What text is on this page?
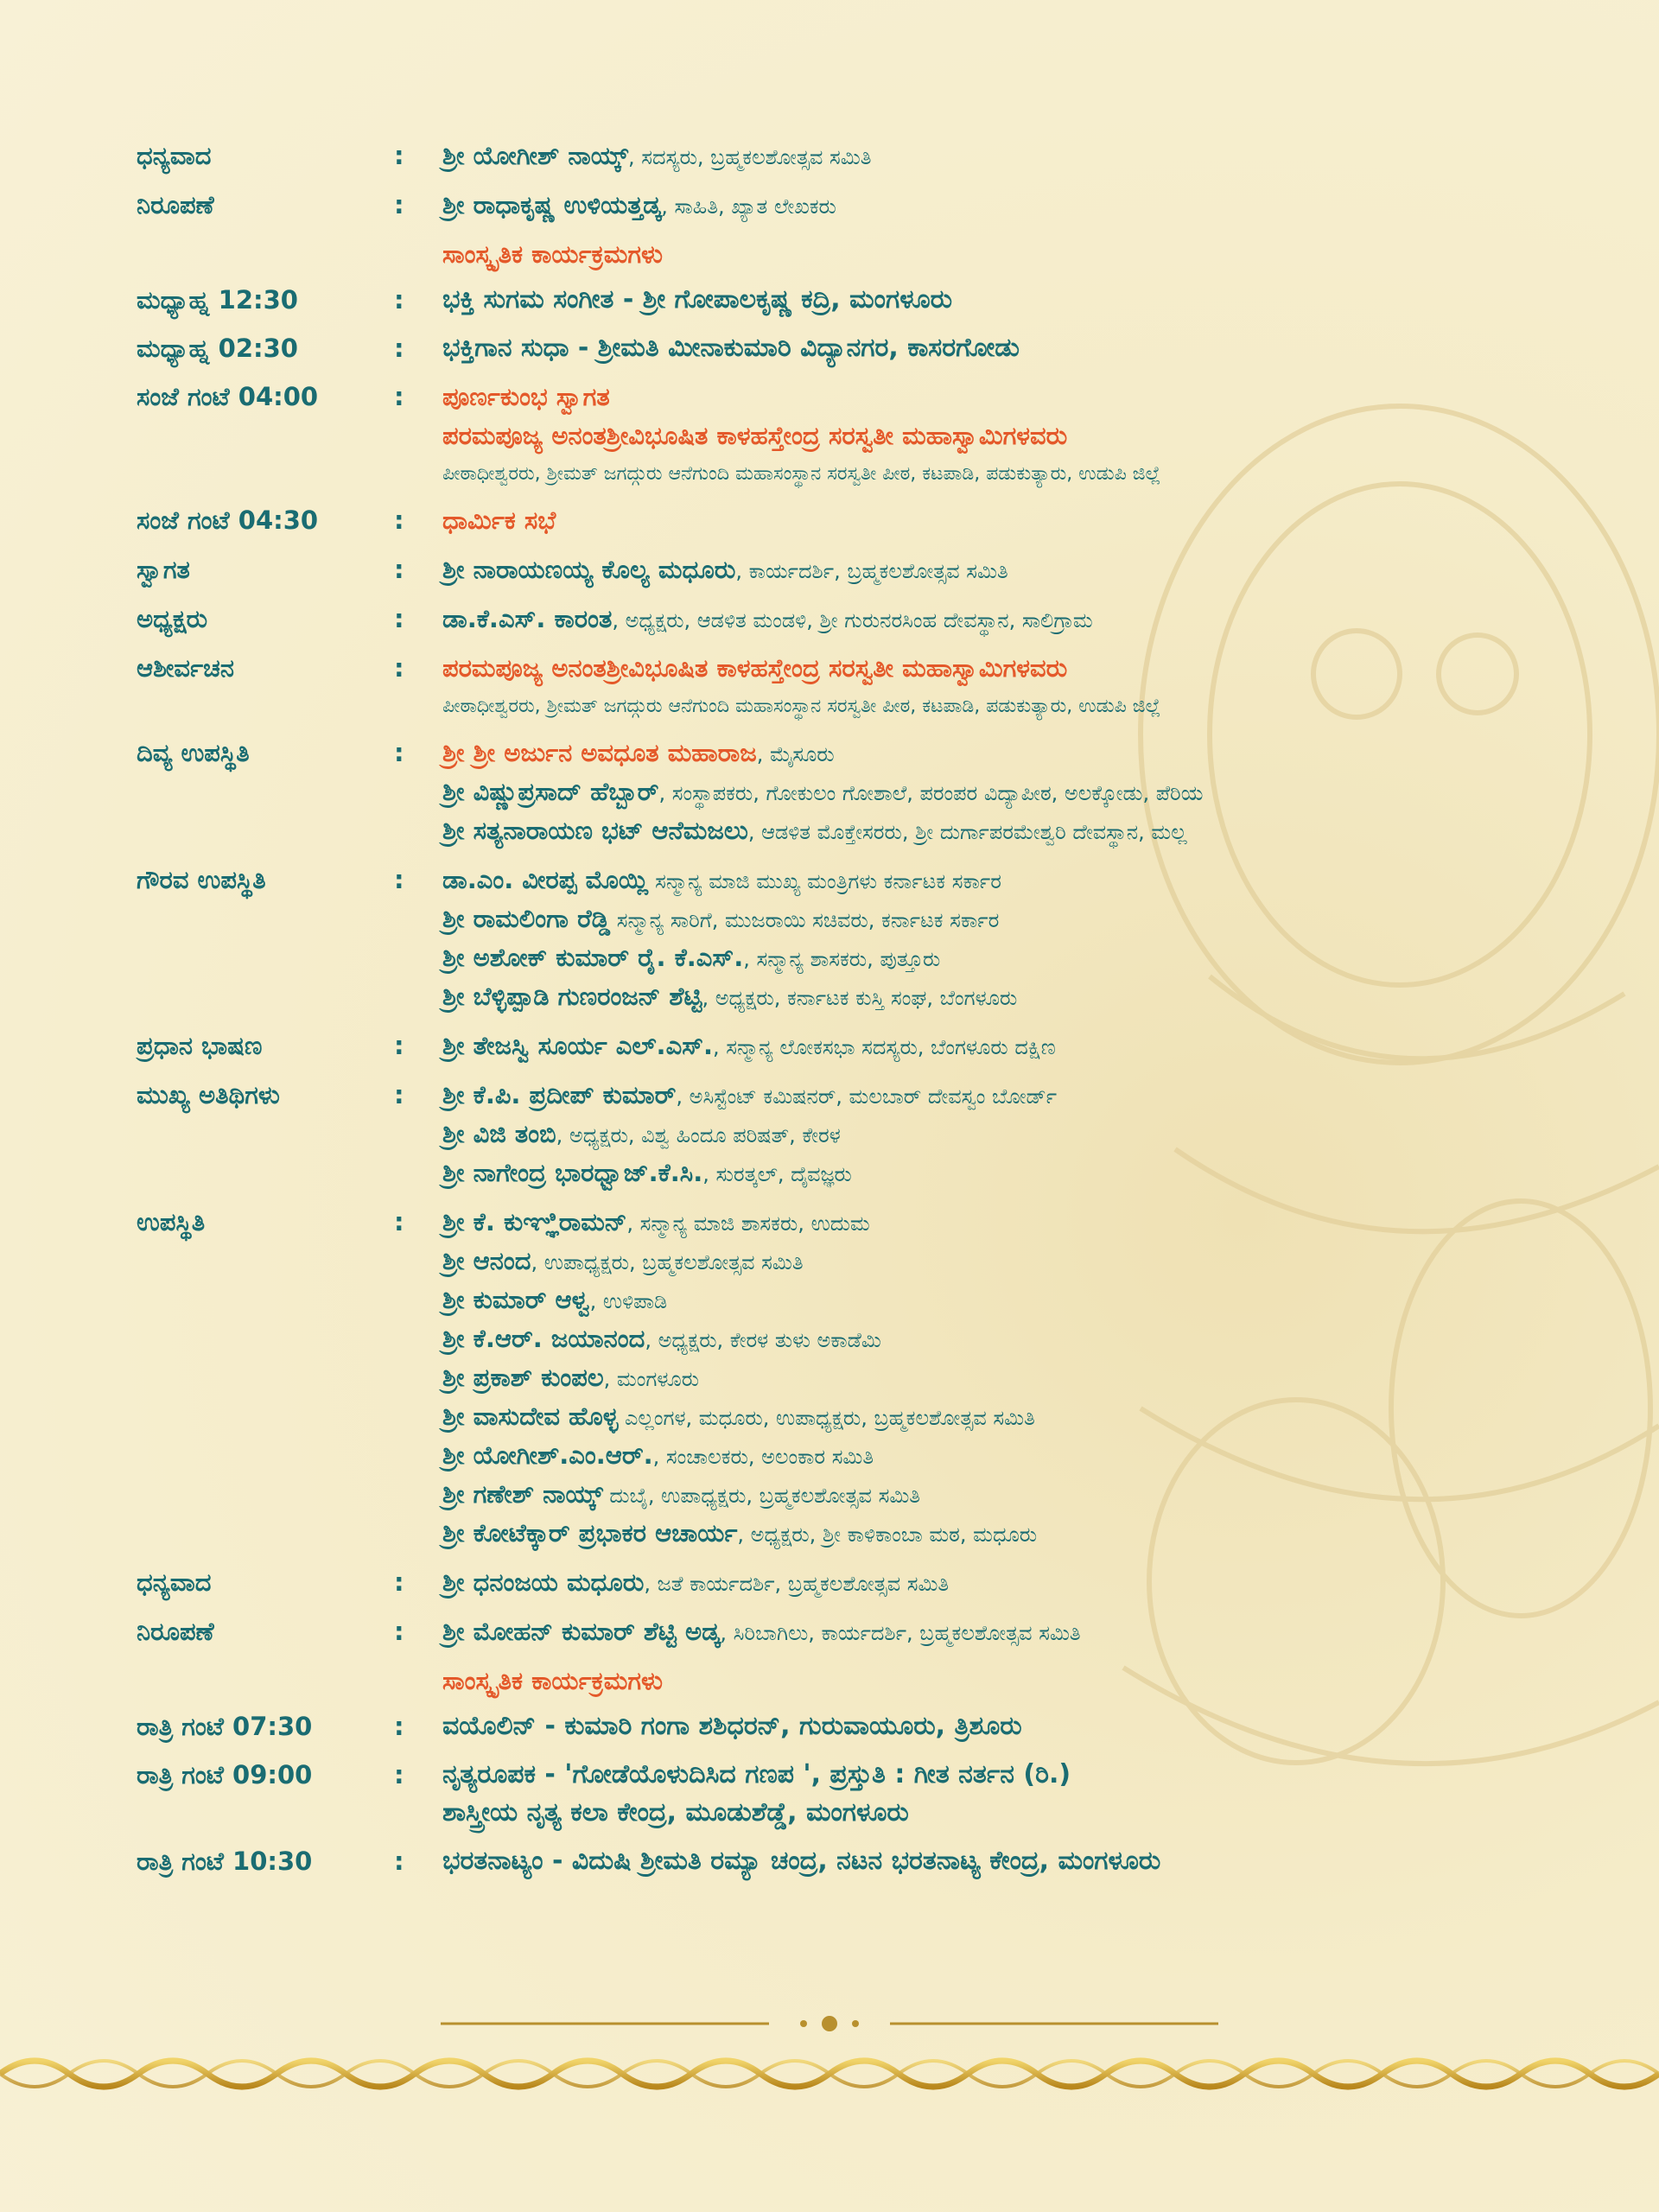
ಧನ್ಯವಾದ	:	ಶ್ರೀ ಯೋಗೀಶ್ ನಾಯ್ಕ್, ಸದಸ್ಯರು, ಬ್ರಹ್ಮಕಲಶೋತ್ಸವ ಸಮಿತಿ
ನಿರೂಪಣೆ	:	ಶ್ರೀ ರಾಧಾಕೃಷ್ಣ ಉಳಿಯತ್ತಡ್ಕ, ಸಾಹಿತಿ, ಖ್ಯಾತ ಲೇಖಕರು
ಸಾಂಸ್ಕೃತಿಕ ಕಾರ್ಯಕ್ರಮಗಳು
ಮಧ್ಯಾಹ್ನ 12:30	:	ಭಕ್ತಿ ಸುಗಮ ಸಂಗೀತ - ಶ್ರೀ ಗೋಪಾಲಕೃಷ್ಣ ಕದ್ರಿ, ಮಂಗಳೂರು
ಮಧ್ಯಾಹ್ನ 02:30	:	ಭಕ್ತಿಗಾನ ಸುಧಾ - ಶ್ರೀಮತಿ ಮೀನಾಕುಮಾರಿ ವಿದ್ಯಾನಗರ, ಕಾಸರಗೋಡು
ಸಂಜೆ ಗಂಟೆ 04:00	:	ಪೂರ್ಣಕುಂಭ ಸ್ವಾಗತ
ಪರಮಪೂಜ್ಯ ಅನಂತಶ್ರೀವಿಭೂಷಿತ ಕಾಳಹಸ್ತೇಂದ್ರ ಸರಸ್ವತೀ ಮಹಾಸ್ವಾಮಿಗಳವರು
ಪೀಠಾಧೀಶ್ವರರು, ಶ್ರೀಮತ್ ಜಗದ್ಗುರು ಆನೆಗುಂದಿ ಮಹಾಸಂಸ್ಥಾನ ಸರಸ್ವತೀ ಪೀಠ, ಕಟಪಾಡಿ, ಪಡುಕುತ್ಯಾರು, ಉಡುಪಿ ಜಿಲ್ಲೆ
ಸಂಜೆ ಗಂಟೆ 04:30	:	ಧಾರ್ಮಿಕ ಸಭೆ
ಸ್ವಾಗತ	:	ಶ್ರೀ ನಾರಾಯಣಯ್ಯ ಕೊಲ್ಯ ಮಧೂರು, ಕಾರ್ಯದರ್ಶಿ, ಬ್ರಹ್ಮಕಲಶೋತ್ಸವ ಸಮಿತಿ
ಅಧ್ಯಕ್ಷರು	:	ಡಾ.ಕೆ.ಎಸ್. ಕಾರಂತ, ಅಧ್ಯಕ್ಷರು, ಆಡಳಿತ ಮಂಡಳಿ, ಶ್ರೀ ಗುರುನರಸಿಂಹ ದೇವಸ್ಥಾನ, ಸಾಲಿಗ್ರಾಮ
ಆಶೀರ್ವಚನ	:	ಪರಮಪೂಜ್ಯ ಅನಂತಶ್ರೀವಿಭೂಷಿತ ಕಾಳಹಸ್ತೇಂದ್ರ ಸರಸ್ವತೀ ಮಹಾಸ್ವಾಮಿಗಳವರು
ಪೀಠಾಧೀಶ್ವರರು, ಶ್ರೀಮತ್ ಜಗದ್ಗುರು ಆನೆಗುಂದಿ ಮಹಾಸಂಸ್ಥಾನ ಸರಸ್ವತೀ ಪೀಠ, ಕಟಪಾಡಿ, ಪಡುಕುತ್ಯಾರು, ಉಡುಪಿ ಜಿಲ್ಲೆ
ದಿವ್ಯ ಉಪಸ್ಥಿತಿ	:	ಶ್ರೀ ಶ್ರೀ ಅರ್ಜುನ ಅವಧೂತ ಮಹಾರಾಜ, ಮೈಸೂರು
ಶ್ರೀ ವಿಷ್ಣುಪ್ರಸಾದ್ ಹೆಬ್ಬಾರ್, ಸಂಸ್ಥಾಪಕರು, ಗೋಕುಲಂ ಗೋಶಾಲೆ, ಪರಂಪರ ವಿದ್ಯಾಪೀಠ, ಅಲಕ್ಕೋಡು, ಪೆರಿಯ
ಶ್ರೀ ಸತ್ಯನಾರಾಯಣ ಭಟ್ ಆನೆಮಜಲು, ಆಡಳಿತ ಮೊಕ್ತೇಸರರು, ಶ್ರೀ ದುರ್ಗಾಪರಮೇಶ್ವರಿ ದೇವಸ್ಥಾನ, ಮಲ್ಲ
ಗೌರವ ಉಪಸ್ಥಿತಿ	:	ಡಾ.ಎಂ. ವೀರಪ್ಪ ಮೊಯ್ಲಿ ಸನ್ಮಾನ್ಯ ಮಾಜಿ ಮುಖ್ಯ ಮಂತ್ರಿಗಳು ಕರ್ನಾಟಕ ಸರ್ಕಾರ
ಶ್ರೀ ರಾಮಲಿಂಗಾ ರೆಡ್ಡಿ ಸನ್ಮಾನ್ಯ ಸಾರಿಗೆ, ಮುಜರಾಯಿ ಸಚಿವರು, ಕರ್ನಾಟಕ ಸರ್ಕಾರ
ಶ್ರೀ ಅಶೋಕ್ ಕುಮಾರ್ ರೈ. ಕೆ.ಎಸ್., ಸನ್ಮಾನ್ಯ ಶಾಸಕರು, ಪುತ್ತೂರು
ಶ್ರೀ ಬೆಳ್ಳಿಪ್ಪಾಡಿ ಗುಣರಂಜನ್ ಶೆಟ್ಟಿ, ಅಧ್ಯಕ್ಷರು, ಕರ್ನಾಟಕ ಕುಸ್ತಿ ಸಂಘ, ಬೆಂಗಳೂರು
ಪ್ರಧಾನ ಭಾಷಣ	:	ಶ್ರೀ ತೇಜಸ್ವಿ ಸೂರ್ಯ ಎಲ್.ಎಸ್., ಸನ್ಮಾನ್ಯ ಲೋಕಸಭಾ ಸದಸ್ಯರು, ಬೆಂಗಳೂರು ದಕ್ಷಿಣ
ಮುಖ್ಯ ಅತಿಥಿಗಳು	:	ಶ್ರೀ ಕೆ.ಪಿ. ಪ್ರದೀಪ್ ಕುಮಾರ್, ಅಸಿಸ್ಟೆಂಟ್ ಕಮಿಷನರ್, ಮಲಬಾರ್ ದೇವಸ್ವಂ ಬೋರ್ಡ್
ಶ್ರೀ ವಿಜಿ ತಂಬಿ, ಅಧ್ಯಕ್ಷರು, ವಿಶ್ವ ಹಿಂದೂ ಪರಿಷತ್, ಕೇರಳ
ಶ್ರೀ ನಾಗೇಂದ್ರ ಭಾರಧ್ವಾಜ್.ಕೆ.ಸಿ., ಸುರತ್ಕಲ್, ದೈವಜ್ಞರು
ಉಪಸ್ಥಿತಿ	:	ಶ್ರೀ ಕೆ. ಕುಞ್ಞಿರಾಮನ್, ಸನ್ಮಾನ್ಯ ಮಾಜಿ ಶಾಸಕರು, ಉದುಮ
ಶ್ರೀ ಆನಂದ, ಉಪಾಧ್ಯಕ್ಷರು, ಬ್ರಹ್ಮಕಲಶೋತ್ಸವ ಸಮಿತಿ
ಶ್ರೀ ಕುಮಾರ್ ಆಳ್ವ, ಉಳಿಪಾಡಿ
ಶ್ರೀ ಕೆ.ಆರ್. ಜಯಾನಂದ, ಅಧ್ಯಕ್ಷರು, ಕೇರಳ ತುಳು ಅಕಾಡೆಮಿ
ಶ್ರೀ ಪ್ರಕಾಶ್ ಕುಂಪಲ, ಮಂಗಳೂರು
ಶ್ರೀ ವಾಸುದೇವ ಹೊಳ್ಳ ಎಲ್ಲಂಗಳ, ಮಧೂರು, ಉಪಾಧ್ಯಕ್ಷರು, ಬ್ರಹ್ಮಕಲಶೋತ್ಸವ ಸಮಿತಿ
ಶ್ರೀ ಯೋಗೀಶ್.ಎಂ.ಆರ್., ಸಂಚಾಲಕರು, ಅಲಂಕಾರ ಸಮಿತಿ
ಶ್ರೀ ಗಣೇಶ್ ನಾಯ್ಕ್ ದುಬೈ, ಉಪಾಧ್ಯಕ್ಷರು, ಬ್ರಹ್ಮಕಲಶೋತ್ಸವ ಸಮಿತಿ
ಶ್ರೀ ಕೋಟೆಕ್ಕಾರ್ ಪ್ರಭಾಕರ ಆಚಾರ್ಯ, ಅಧ್ಯಕ್ಷರು, ಶ್ರೀ ಕಾಳಿಕಾಂಬಾ ಮಠ, ಮಧೂರು
ಧನ್ಯವಾದ	:	ಶ್ರೀ ಧನಂಜಯ ಮಧೂರು, ಜತೆ ಕಾರ್ಯದರ್ಶಿ, ಬ್ರಹ್ಮಕಲಶೋತ್ಸವ ಸಮಿತಿ
ನಿರೂಪಣೆ	:	ಶ್ರೀ ಮೋಹನ್ ಕುಮಾರ್ ಶೆಟ್ಟಿ ಅಡ್ಕ, ಸಿರಿಬಾಗಿಲು, ಕಾರ್ಯದರ್ಶಿ, ಬ್ರಹ್ಮಕಲಶೋತ್ಸವ ಸಮಿತಿ
ಸಾಂಸ್ಕೃತಿಕ ಕಾರ್ಯಕ್ರಮಗಳು
ರಾತ್ರಿ ಗಂಟೆ 07:30	:	ವಯೊಲಿನ್ - ಕುಮಾರಿ ಗಂಗಾ ಶಶಿಧರನ್, ಗುರುವಾಯೂರು, ತ್ರಿಶೂರು
ರಾತ್ರಿ ಗಂಟೆ 09:00	:	ನೃತ್ಯರೂಪಕ - 'ಗೋಡೆಯೊಳುದಿಸಿದ ಗಣಪ ', ಪ್ರಸ್ತುತಿ : ಗೀತ ನರ್ತನ (ರಿ.)
ಶಾಸ್ತ್ರೀಯ ನೃತ್ಯ ಕಲಾ ಕೇಂದ್ರ, ಮೂಡುಶೆಡ್ಡೆ, ಮಂಗಳೂರು
ರಾತ್ರಿ ಗಂಟೆ 10:30	:	ಭರತನಾಟ್ಯಂ - ವಿದುಷಿ ಶ್ರೀಮತಿ ರಮ್ಯಾ ಚಂದ್ರ, ನಟನ ಭರತನಾಟ್ಯ ಕೇಂದ್ರ, ಮಂಗಳೂರು
